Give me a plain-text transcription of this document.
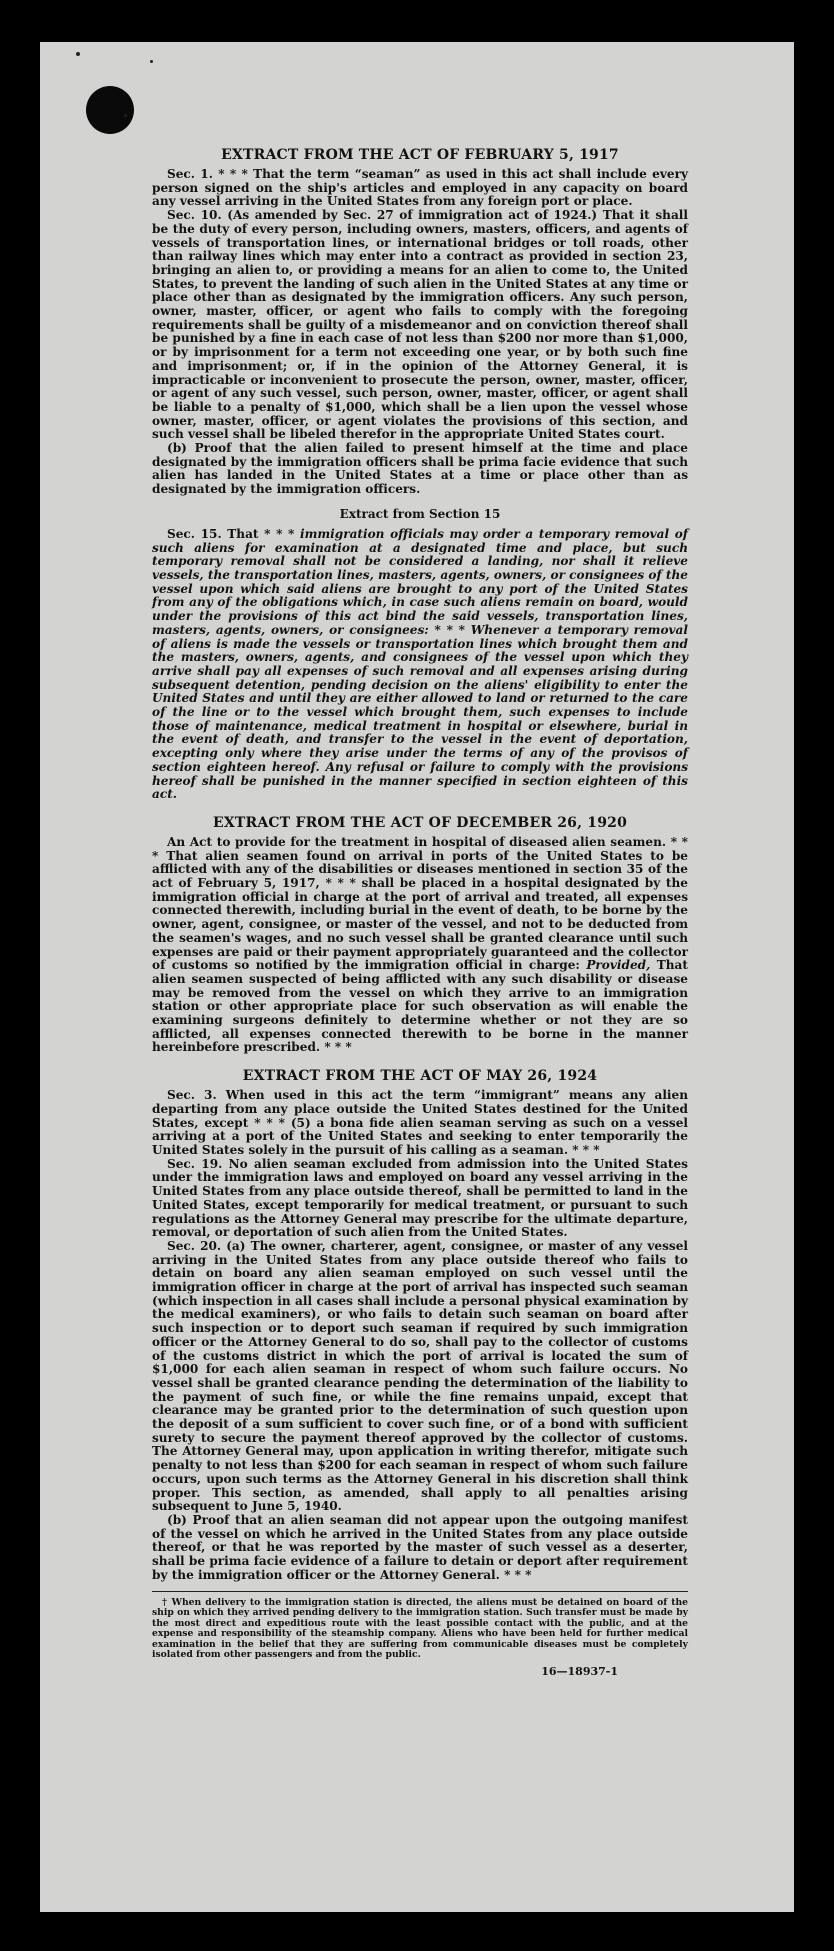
EXTRACT FROM THE ACT OF FEBRUARY 5, 1917

Sec. 1. * * * That the term “seaman” as used in this act shall include every person signed on the ship's articles and employed in any capacity on board any vessel arriving in the United States from any foreign port or place.

Sec. 10. (As amended by Sec. 27 of immigration act of 1924.) That it shall be the duty of every person, including owners, masters, officers, and agents of vessels of transportation lines, or international bridges or toll roads, other than railway lines which may enter into a contract as provided in section 23, bringing an alien to, or providing a means for an alien to come to, the United States, to prevent the landing of such alien in the United States at any time or place other than as designated by the immigration officers. Any such person, owner, master, officer, or agent who fails to comply with the foregoing requirements shall be guilty of a misdemeanor and on conviction thereof shall be punished by a fine in each case of not less than $200 nor more than $1,000, or by imprisonment for a term not exceeding one year, or by both such fine and imprisonment; or, if in the opinion of the Attorney General, it is impracticable or inconvenient to prosecute the person, owner, master, officer, or agent of any such vessel, such person, owner, master, officer, or agent shall be liable to a penalty of $1,000, which shall be a lien upon the vessel whose owner, master, officer, or agent violates the provisions of this section, and such vessel shall be libeled therefor in the appropriate United States court.

(b) Proof that the alien failed to present himself at the time and place designated by the immigration officers shall be prima facie evidence that such alien has landed in the United States at a time or place other than as designated by the immigration officers.

Extract from Section 15

Sec. 15. That * * * immigration officials may order a temporary removal of such aliens for examination at a designated time and place, but such temporary removal shall not be considered a landing, nor shall it relieve vessels, the transportation lines, masters, agents, owners, or consignees of the vessel upon which said aliens are brought to any port of the United States from any of the obligations which, in case such aliens remain on board, would under the provisions of this act bind the said vessels, transportation lines, masters, agents, owners, or consignees: * * * Whenever a temporary removal of aliens is made the vessels or transportation lines which brought them and the masters, owners, agents, and consignees of the vessel upon which they arrive shall pay all expenses of such removal and all expenses arising during subsequent detention, pending decision on the aliens' eligibility to enter the United States and until they are either allowed to land or returned to the care of the line or to the vessel which brought them, such expenses to include those of maintenance, medical treatment in hospital or elsewhere, burial in the event of death, and transfer to the vessel in the event of deportation, excepting only where they arise under the terms of any of the provisos of section eighteen hereof. Any refusal or failure to comply with the provisions hereof shall be punished in the manner specified in section eighteen of this act.

EXTRACT FROM THE ACT OF DECEMBER 26, 1920

An Act to provide for the treatment in hospital of diseased alien seamen. * * * That alien seamen found on arrival in ports of the United States to be afflicted with any of the disabilities or diseases mentioned in section 35 of the act of February 5, 1917, * * * shall be placed in a hospital designated by the immigration official in charge at the port of arrival and treated, all expenses connected therewith, including burial in the event of death, to be borne by the owner, agent, consignee, or master of the vessel, and not to be deducted from the seamen's wages, and no such vessel shall be granted clearance until such expenses are paid or their payment appropriately guaranteed and the collector of customs so notified by the immigration official in charge: Provided, That alien seamen suspected of being afflicted with any such disability or disease may be removed from the vessel on which they arrive to an immigration station or other appropriate place for such observation as will enable the examining surgeons definitely to determine whether or not they are so afflicted, all expenses connected therewith to be borne in the manner hereinbefore prescribed. * * *

EXTRACT FROM THE ACT OF MAY 26, 1924

Sec. 3. When used in this act the term “immigrant” means any alien departing from any place outside the United States destined for the United States, except * * * (5) a bona fide alien seaman serving as such on a vessel arriving at a port of the United States and seeking to enter temporarily the United States solely in the pursuit of his calling as a seaman. * * *

Sec. 19. No alien seaman excluded from admission into the United States under the immigration laws and employed on board any vessel arriving in the United States from any place outside thereof, shall be permitted to land in the United States, except temporarily for medical treatment, or pursuant to such regulations as the Attorney General may prescribe for the ultimate departure, removal, or deportation of such alien from the United States.

Sec. 20. (a) The owner, charterer, agent, consignee, or master of any vessel arriving in the United States from any place outside thereof who fails to detain on board any alien seaman employed on such vessel until the immigration officer in charge at the port of arrival has inspected such seaman (which inspection in all cases shall include a personal physical examination by the medical examiners), or who fails to detain such seaman on board after such inspection or to deport such seaman if required by such immigration officer or the Attorney General to do so, shall pay to the collector of customs of the customs district in which the port of arrival is located the sum of $1,000 for each alien seaman in respect of whom such failure occurs. No vessel shall be granted clearance pending the determination of the liability to the payment of such fine, or while the fine remains unpaid, except that clearance may be granted prior to the determination of such question upon the deposit of a sum sufficient to cover such fine, or of a bond with sufficient surety to secure the payment thereof approved by the collector of customs. The Attorney General may, upon application in writing therefor, mitigate such penalty to not less than $200 for each seaman in respect of whom such failure occurs, upon such terms as the Attorney General in his discretion shall think proper. This section, as amended, shall apply to all penalties arising subsequent to June 5, 1940.

(b) Proof that an alien seaman did not appear upon the outgoing manifest of the vessel on which he arrived in the United States from any place outside thereof, or that he was reported by the master of such vessel as a deserter, shall be prima facie evidence of a failure to detain or deport after requirement by the immigration officer or the Attorney General. * * *

† When delivery to the immigration station is directed, the aliens must be detained on board of the ship on which they arrived pending delivery to the immigration station. Such transfer must be made by the most direct and expeditious route with the least possible contact with the public, and at the expense and responsibility of the steamship company. Aliens who have been held for further medical examination in the belief that they are suffering from communicable diseases must be completely isolated from other passengers and from the public.

16—18937-1
